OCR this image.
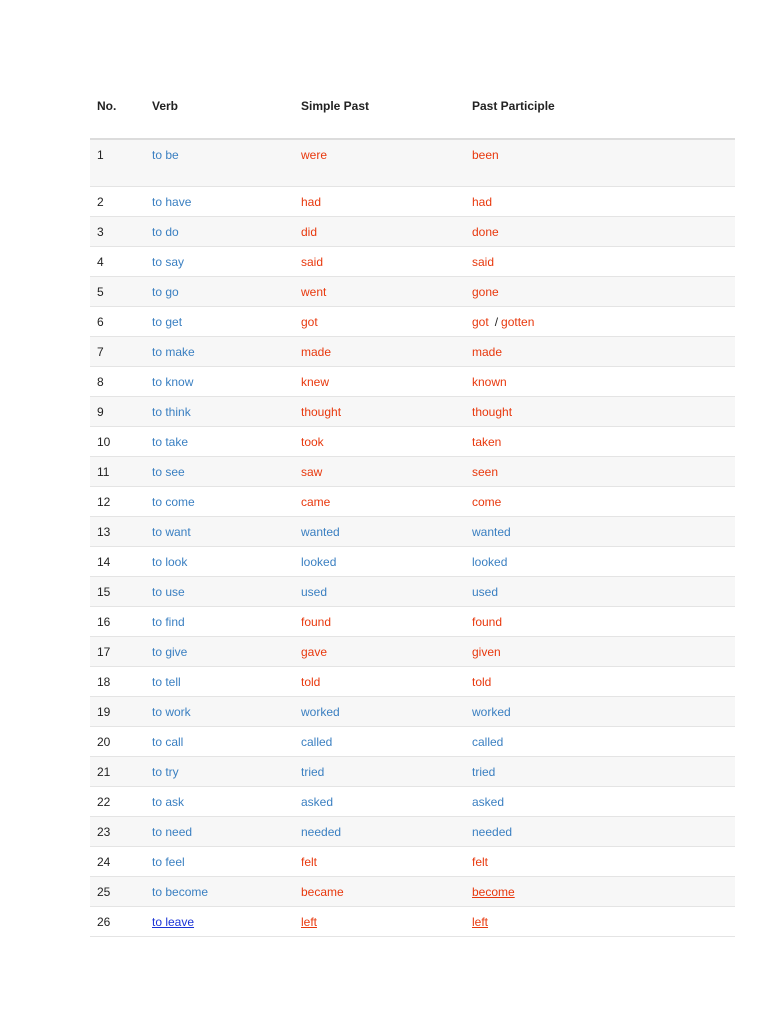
No.	Verb	Simple Past	Past Participle
1	to be	were	been
2	to have	had	had
3	to do	did	done
4	to say	said	said
5	to go	went	gone
6	to get	got	got / gotten
7	to make	made	made
8	to know	knew	known
9	to think	thought	thought
10	to take	took	taken
11	to see	saw	seen
12	to come	came	come
13	to want	wanted	wanted
14	to look	looked	looked
15	to use	used	used
16	to find	found	found
17	to give	gave	given
18	to tell	told	told
19	to work	worked	worked
20	to call	called	called
21	to try	tried	tried
22	to ask	asked	asked
23	to need	needed	needed
24	to feel	felt	felt
25	to become	became	become
26	to leave	left	left
